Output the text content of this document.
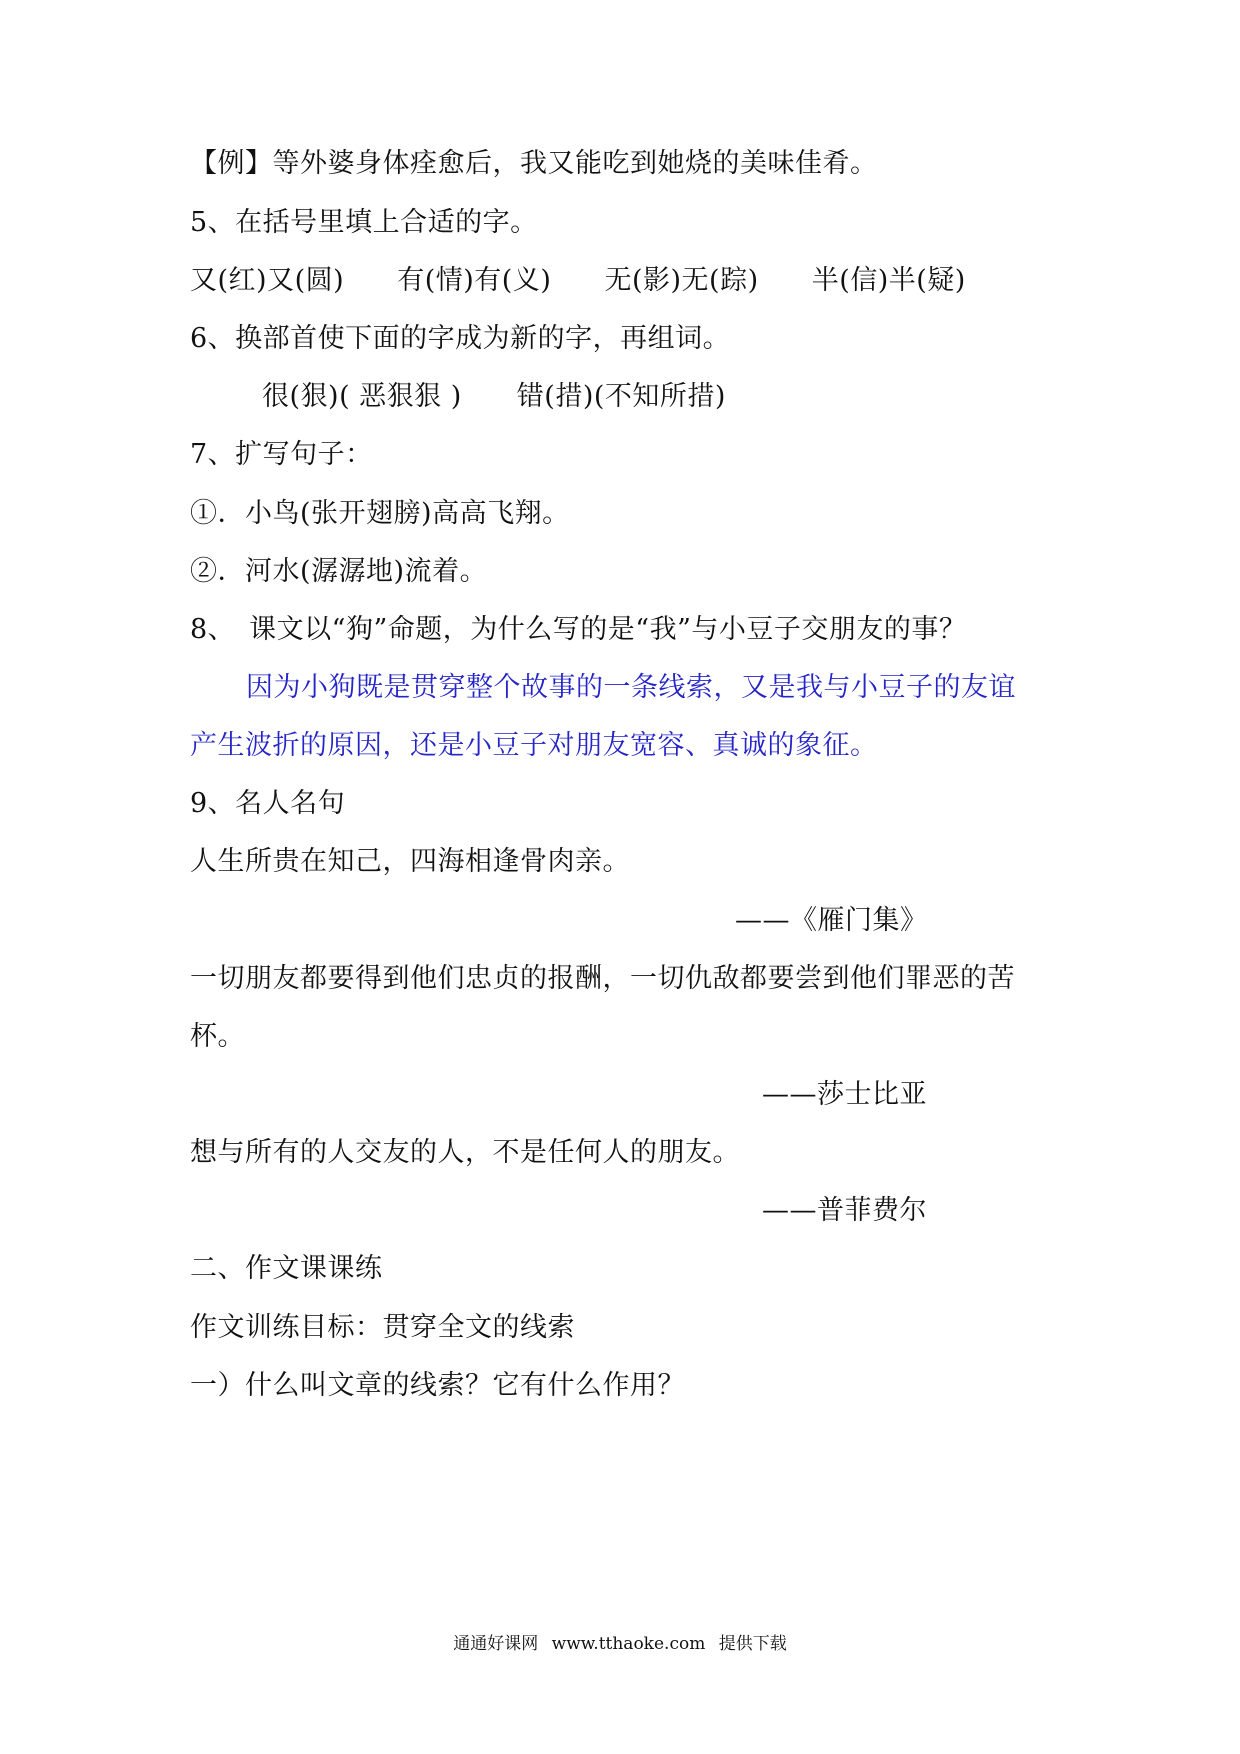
【例】等外婆身体痊愈后，我又能吃到她烧的美味佳肴。
5、在括号里填上合适的字。
又(红)又(圆) 有(情)有(义) 无(影)无(踪) 半(信)半(疑)
6、换部首使下面的字成为新的字，再组词。
很(狠)( 恶狠狠 )　　错(措)(不知所措)
7、扩写句子：
①．小鸟(张开翅膀)高高飞翔。
②．河水(潺潺地)流着。
8、　课文以“狗”命题，为什么写的是“我”与小豆子交朋友的事？
因为小狗既是贯穿整个故事的一条线索，又是我与小豆子的友谊
产生波折的原因，还是小豆子对朋友宽容、真诚的象征。
9、名人名句
人生所贵在知己，四海相逢骨肉亲。
——《雁门集》
一切朋友都要得到他们忠贞的报酬，一切仇敌都要尝到他们罪恶的苦
杯。
——莎士比亚
想与所有的人交友的人，不是任何人的朋友。
——普菲费尔
二、作文课课练
作文训练目标：贯穿全文的线索
一）什么叫文章的线索？它有什么作用？
通通好课网 www.tthaoke.com 提供下载
